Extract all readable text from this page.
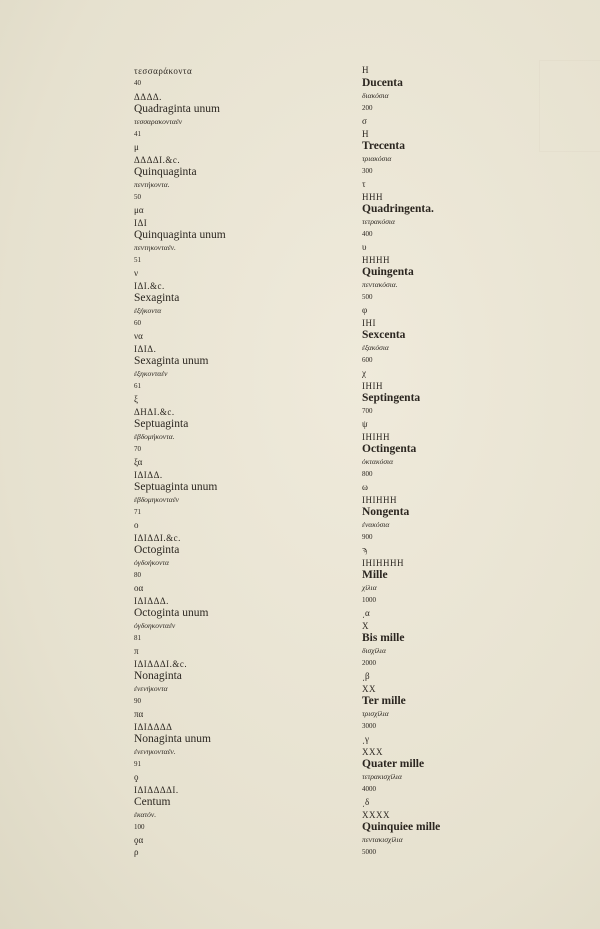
τεσσαράκοντα
40
ΔΔΔΔ.
Quadraginta unum
τεσσαρακονταέν
41
μ
ΔΔΔΔΙ.&c.
Quinquaginta
πεντήκοντα.
50
μα
ΙΔΙ
Quinquaginta unum
πεντηκονταέν.
51
ν
ΙΔΙ.&c.
Sexaginta
ἑξήκοντα
60
να
ΙΔΙΔ.
Sexaginta unum
ἑξηκονταέν
61
ξ
ΔΗΔΙ.&c.
Septuaginta
ἑβδομήκοντα.
70
ξα
ΙΔΙΔΔ.
Septuaginta unum
ἑβδομηκονταέν
71
ο
ΙΔΙΔΔΙ.&c.
Octoginta
ὀγδοήκοντα
80
οα
ΙΔΙΔΔΔ.
Octoginta unum
ὀγδοηκονταέν
81
π
ΙΔΙΔΔΔΙ.&c.
Nonaginta
ἐνενήκοντα
90
πα
ΙΔΙΔΔΔΔ
Nonaginta unum
ἐνενηκονταέν.
91
ϙ
ΙΔΙΔΔΔΔΙ.
Centum
ἑκατόν.
100
ϙα
ρ
Η
Ducenta
διακόσια
200
σ
Η
Trecenta
τριακόσια
300
τ
ΗΗΗ
Quadringenta.
τετρακόσια
400
υ
ΗΗΗΗ
Quingenta
πεντακόσια.
500
φ
ΙΗΙ
Sexcenta
ἑξακόσια
600
χ
ΙΗΙΗ
Septingenta
700
ψ
ΙΗΙΗΗ
Octingenta
ὀκτακόσια
800
ω
ΙΗΙΗΗΗ
Nongenta
ἐνακόσια
900
ϡ
ΙΗΙΗΗΗΗ
Mille
χίλια
1000
͵α
Χ
Bis mille
δισχίλια
2000
͵β
ΧΧ
Ter mille
τρισχίλια
3000
͵γ
ΧΧΧ
Quater mille
τετρακισχίλια
4000
͵δ
ΧΧΧΧ
Quinquiee mille
πεντακισχίλια
5000
